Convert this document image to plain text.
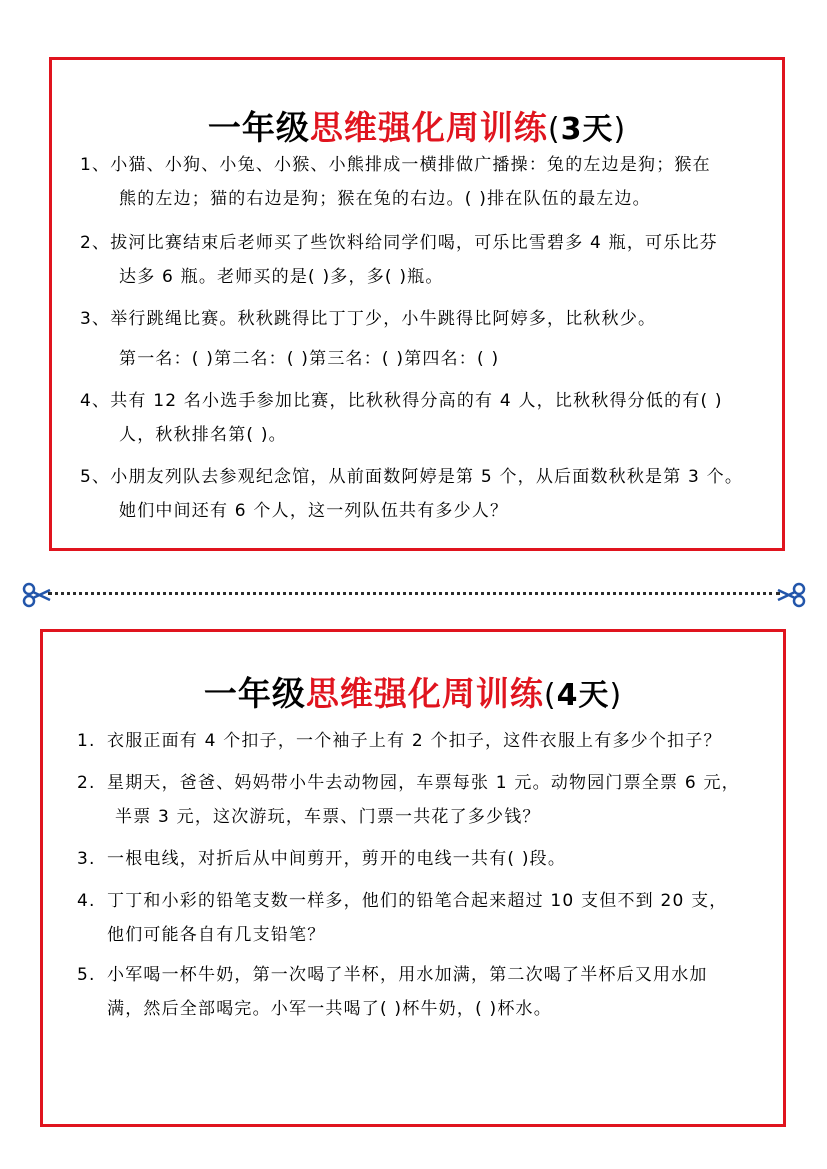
一年级思维强化周训练(3天)
1、小猫、小狗、小兔、小猴、小熊排成一横排做广播操：兔的左边是狗；猴在
熊的左边；猫的右边是狗；猴在兔的右边。( )排在队伍的最左边。
2、拔河比赛结束后老师买了些饮料给同学们喝，可乐比雪碧多 4 瓶，可乐比芬
达多 6 瓶。老师买的是( )多，多( )瓶。
3、举行跳绳比赛。秋秋跳得比丁丁少，小牛跳得比阿婷多，比秋秋少。
第一名：( )第二名：( )第三名：( )第四名：( )
4、共有 12 名小选手参加比赛，比秋秋得分高的有 4 人，比秋秋得分低的有( )
人，秋秋排名第( )。
5、小朋友列队去参观纪念馆，从前面数阿婷是第 5 个，从后面数秋秋是第 3 个。
她们中间还有 6 个人，这一列队伍共有多少人？
一年级思维强化周训练(4天)
1. 衣服正面有 4 个扣子，一个袖子上有 2 个扣子，这件衣服上有多少个扣子？
2. 星期天，爸爸、妈妈带小牛去动物园，车票每张 1 元。动物园门票全票 6 元，
半票 3 元，这次游玩，车票、门票一共花了多少钱？
3. 一根电线，对折后从中间剪开，剪开的电线一共有( )段。
4. 丁丁和小彩的铅笔支数一样多，他们的铅笔合起来超过 10 支但不到 20 支，
他们可能各自有几支铅笔？
5. 小军喝一杯牛奶，第一次喝了半杯，用水加满，第二次喝了半杯后又用水加
满，然后全部喝完。小军一共喝了( )杯牛奶，( )杯水。
